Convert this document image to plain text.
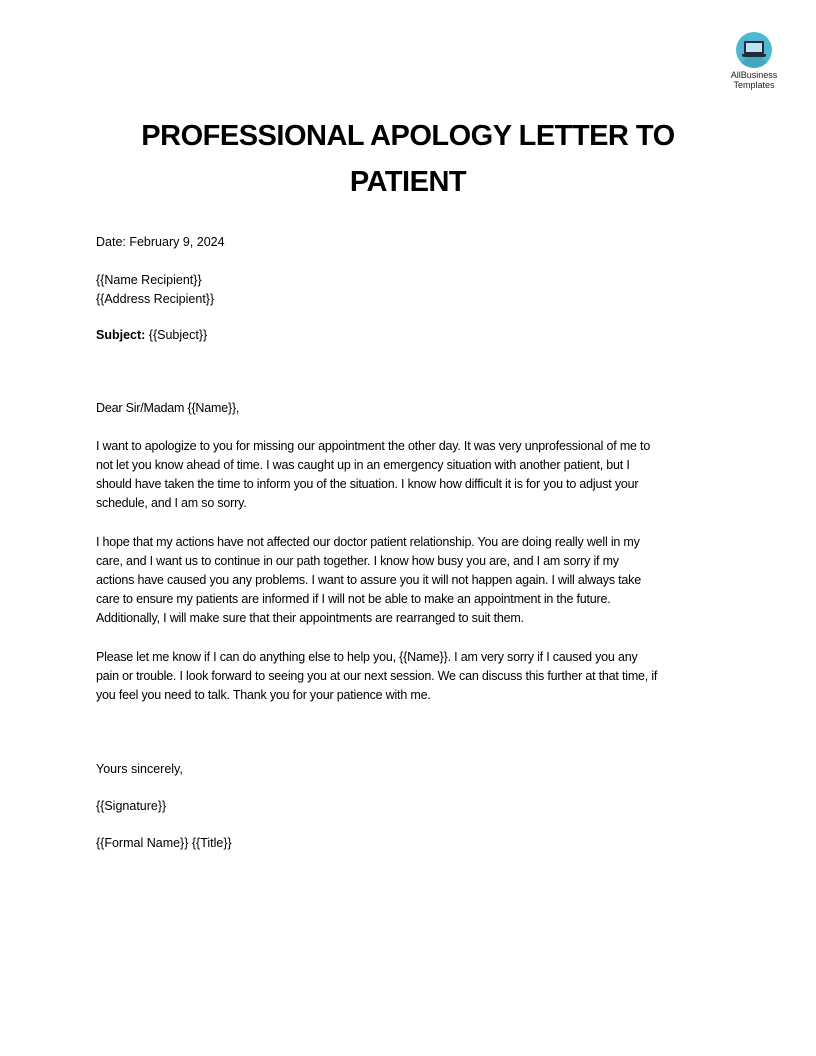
AllBusiness
Templates
PROFESSIONAL APOLOGY LETTER TO
PATIENT
Date: February 9, 2024
{{Name Recipient}}
{{Address Recipient}}
Subject: {{Subject}}
Dear Sir/Madam {{Name}},

I want to apologize to you for missing our appointment the other day. It was very unprofessional of me to

not let you know ahead of time. I was caught up in an emergency situation with another patient, but I

should have taken the time to inform you of the situation. I know how difficult it is for you to adjust your

schedule, and I am so sorry.

I hope that my actions have not affected our doctor patient relationship. You are doing really well in my

care, and I want us to continue in our path together. I know how busy you are, and I am sorry if my

actions have caused you any problems. I want to assure you it will not happen again. I will always take

care to ensure my patients are informed if I will not be able to make an appointment in the future.

Additionally, I will make sure that their appointments are rearranged to suit them.

Please let me know if I can do anything else to help you, {{Name}}. I am very sorry if I caused you any

pain or trouble. I look forward to seeing you at our next session. We can discuss this further at that time, if

you feel you need to talk. Thank you for your patience with me.

Yours sincerely,
{{Signature}}
{{Formal Name}} {{Title}}
